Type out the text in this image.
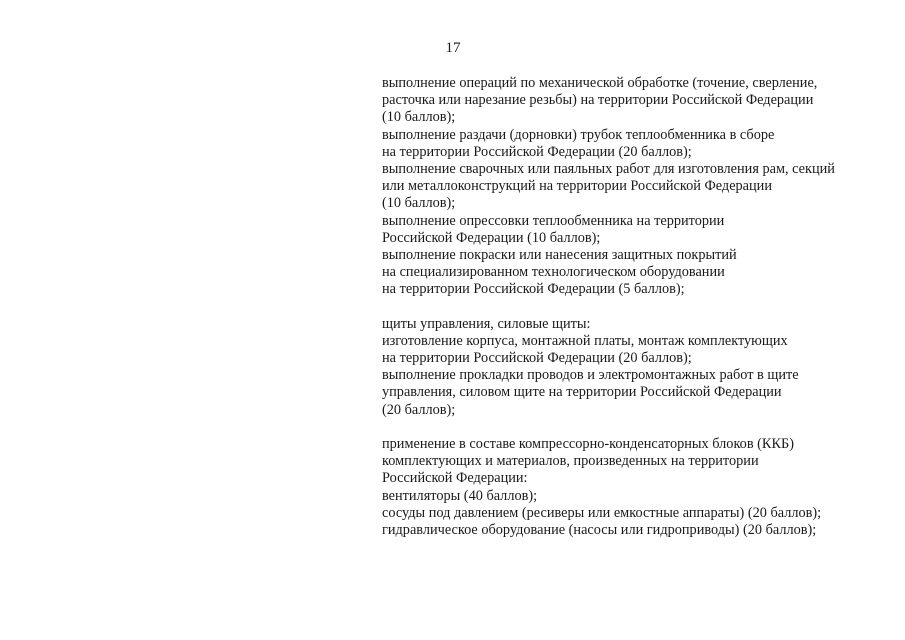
17
выполнение операций по механической обработке (точение, сверление,
расточка или нарезание резьбы) на территории Российской Федерации
(10 баллов);
выполнение раздачи (дорновки) трубок теплообменника в сборе
на территории Российской Федерации (20 баллов);
выполнение сварочных или паяльных работ для изготовления рам, секций
или металлоконструкций на территории Российской Федерации
(10 баллов);
выполнение опрессовки теплообменника на территории
Российской Федерации (10 баллов);
выполнение покраски или нанесения защитных покрытий
на специализированном технологическом оборудовании
на территории Российской Федерации (5 баллов);
щиты управления, силовые щиты:
изготовление корпуса, монтажной платы, монтаж комплектующих
на территории Российской Федерации (20 баллов);
выполнение прокладки проводов и электромонтажных работ в щите
управления, силовом щите на территории Российской Федерации
(20 баллов);
применение в составе компрессорно-конденсаторных блоков (ККБ)
комплектующих и материалов, произведенных на территории
Российской Федерации:
вентиляторы (40 баллов);
сосуды под давлением (ресиверы или емкостные аппараты) (20 баллов);
гидравлическое оборудование (насосы или гидроприводы) (20 баллов);
